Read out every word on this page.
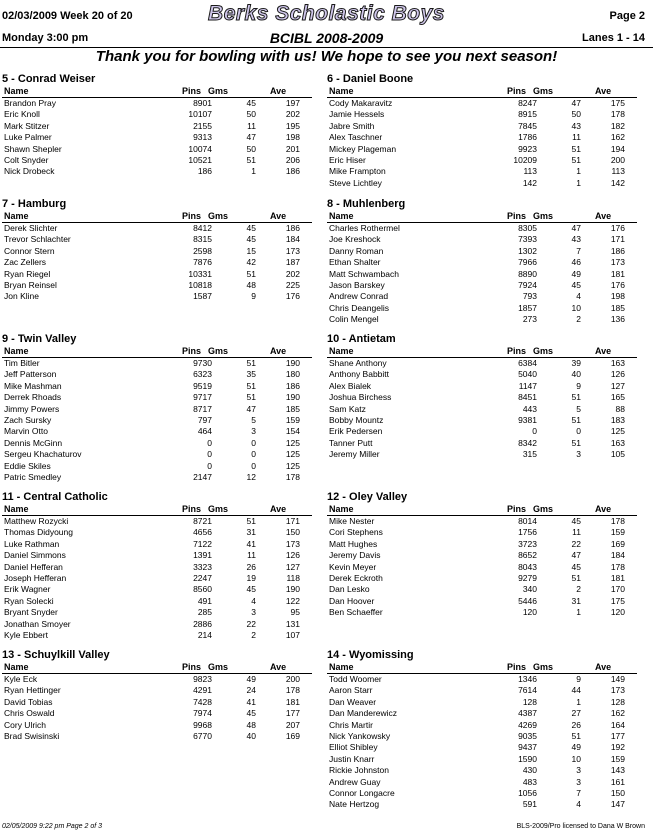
02/03/2009 Week 20 of 20	Berks Scholastic Boys	Page 2
Monday 3:00 pm	BCIBL 2008-2009	Lanes 1 - 14
Thank you for bowling with us! We hope to see you next season!
5 - Conrad Weiser
Name	Pins Gms	Ave
Brandon Pray	8901	45	197
Eric Knoll	10107	50	202
Mark Stitzer	2155	11	195
Luke Palmer	9313	47	198
Shawn Shepler	10074	50	201
Colt Snyder	10521	51	206
Nick Drobeck	186	1	186
6 - Daniel Boone
Name	Pins Gms	Ave
Cody Makaravitz	8247	47	175
Jamie Hessels	8915	50	178
Jabre Smith	7845	43	182
Alex Taschner	1786	11	162
Mickey Plageman	9923	51	194
Eric Hiser	10209	51	200
Mike Frampton	113	1	113
Steve Lichtley	142	1	142
7 - Hamburg
Name	Pins Gms	Ave
Derek Slichter	8412	45	186
Trevor Schlachter	8315	45	184
Connor Stern	2598	15	173
Zac Zellers	7876	42	187
Ryan Riegel	10331	51	202
Bryan Reinsel	10818	48	225
Jon Kline	1587	9	176
8 - Muhlenberg
Name	Pins Gms	Ave
Charles Rothermel	8305	47	176
Joe Kreshock	7393	43	171
Danny Roman	1302	7	186
Ethan Shalter	7966	46	173
Matt Schwambach	8890	49	181
Jason Barskey	7924	45	176
Andrew Conrad	793	4	198
Chris Deangelis	1857	10	185
Colin Mengel	273	2	136
9 - Twin Valley
Name	Pins Gms	Ave
Tim Bitler	9730	51	190
Jeff Patterson	6323	35	180
Mike Mashman	9519	51	186
Derrek Rhoads	9717	51	190
Jimmy Powers	8717	47	185
Zach Sursky	797	5	159
Marvin Otto	464	3	154
Dennis McGinn	0	0	125
Sergeu Khachaturov	0	0	125
Eddie Skiles	0	0	125
Patric Smedley	2147	12	178
10 - Antietam
Name	Pins Gms	Ave
Shane Anthony	6384	39	163
Anthony Babbitt	5040	40	126
Alex Bialek	1147	9	127
Joshua Birchess	8451	51	165
Sam Katz	443	5	88
Bobby Mountz	9381	51	183
Erik Pedersen	0	0	125
Tanner Putt	8342	51	163
Jeremy Miller	315	3	105
11 - Central Catholic
Name	Pins Gms	Ave
Matthew Rozycki	8721	51	171
Thomas Didyoung	4656	31	150
Luke Rathman	7122	41	173
Daniel Simmons	1391	11	126
Daniel Hefferan	3323	26	127
Joseph Hefferan	2247	19	118
Erik Wagner	8560	45	190
Ryan Solecki	491	4	122
Bryant Snyder	285	3	95
Jonathan Smoyer	2886	22	131
Kyle Ebbert	214	2	107
12 - Oley Valley
Name	Pins Gms	Ave
Mike Nester	8014	45	178
Cori Stephens	1756	11	159
Matt Hughes	3723	22	169
Jeremy Davis	8652	47	184
Kevin Meyer	8043	45	178
Derek Eckroth	9279	51	181
Dan Lesko	340	2	170
Dan Hoover	5446	31	175
Ben Schaeffer	120	1	120
13 - Schuylkill Valley
Name	Pins Gms	Ave
Kyle Eck	9823	49	200
Ryan Hettinger	4291	24	178
David Tobias	7428	41	181
Chris Oswald	7974	45	177
Cory Ulrich	9968	48	207
Brad Swisinski	6770	40	169
14 - Wyomissing
Name	Pins Gms	Ave
Todd Woomer	1346	9	149
Aaron Starr	7614	44	173
Dan Weaver	128	1	128
Dan Manderewicz	4387	27	162
Chris Martir	4269	26	164
Nick Yankowsky	9035	51	177
Elliot Shibley	9437	49	192
Justin Knarr	1590	10	159
Rickie Johnston	430	3	143
Andrew Guay	483	3	161
Connor Longacre	1056	7	150
Nate Hertzog	591	4	147
02/05/2009 9:22 pm Page 2 of 3	BLS-2009/Pro licensed to Dana W Brown
